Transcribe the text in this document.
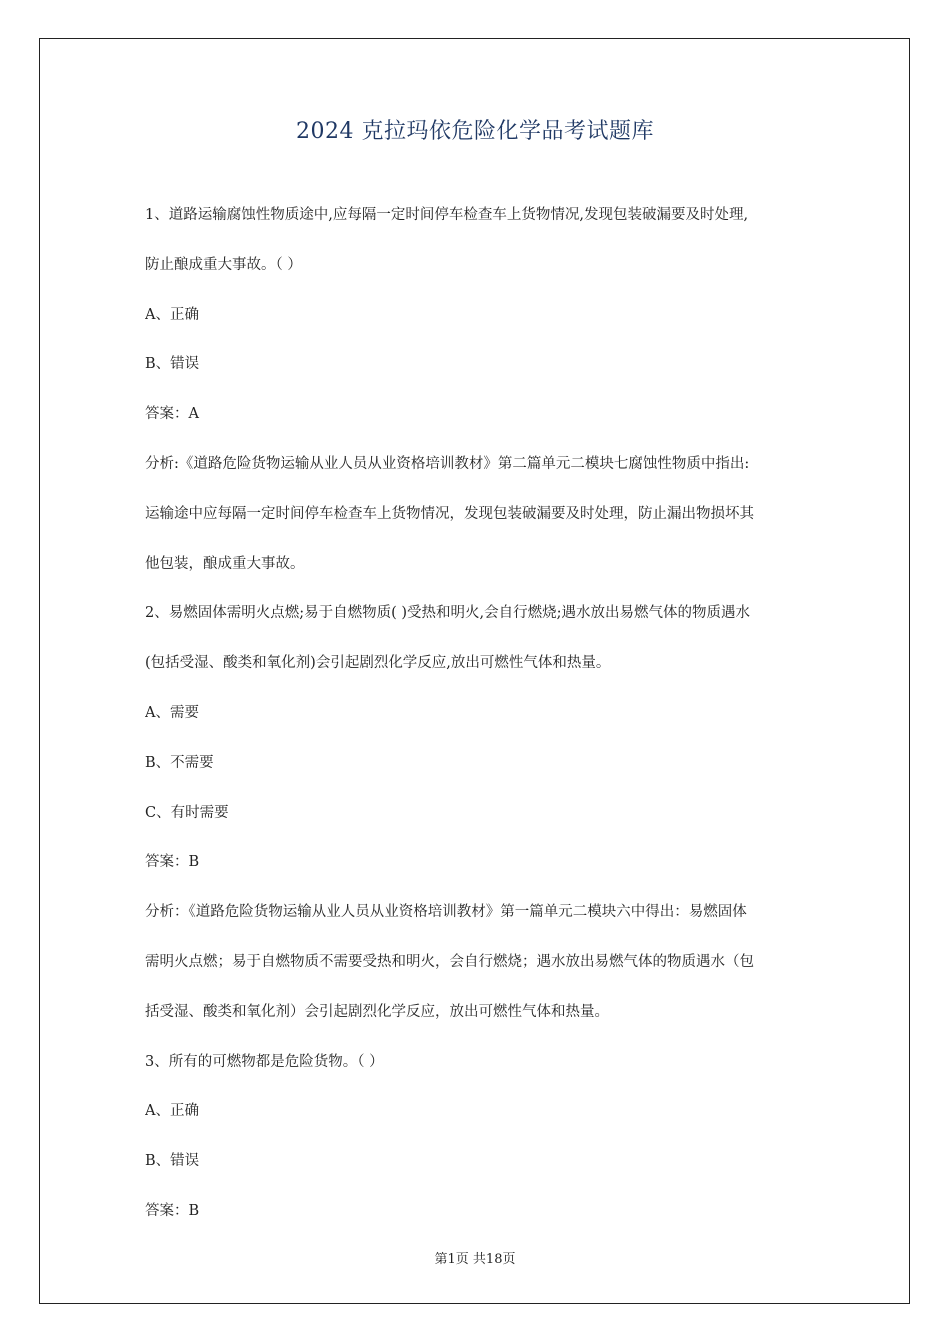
2024 克拉玛依危险化学品考试题库
1、道路运输腐蚀性物质途中,应每隔一定时间停车检查车上货物情况,发现包装破漏要及时处理,
防止酿成重大事故。（ ）
A、正确
B、错误
答案：A
分析:《道路危险货物运输从业人员从业资格培训教材》第二篇单元二模块七腐蚀性物质中指出:
运输途中应每隔一定时间停车检查车上货物情况，发现包装破漏要及时处理，防止漏出物损坏其
他包装，酿成重大事故。
2、易燃固体需明火点燃;易于自燃物质( )受热和明火,会自行燃烧;遇水放出易燃气体的物质遇水
(包括受湿、酸类和氧化剂)会引起剧烈化学反应,放出可燃性气体和热量。
A、需要
B、不需要
C、有时需要
答案：B
分析：《道路危险货物运输从业人员从业资格培训教材》第一篇单元二模块六中得出：易燃固体
需明火点燃；易于自燃物质不需要受热和明火，会自行燃烧；遇水放出易燃气体的物质遇水（包
括受湿、酸类和氧化剂）会引起剧烈化学反应，放出可燃性气体和热量。
3、所有的可燃物都是危险货物。（ ）
A、正确
B、错误
答案：B
第1页 共18页
